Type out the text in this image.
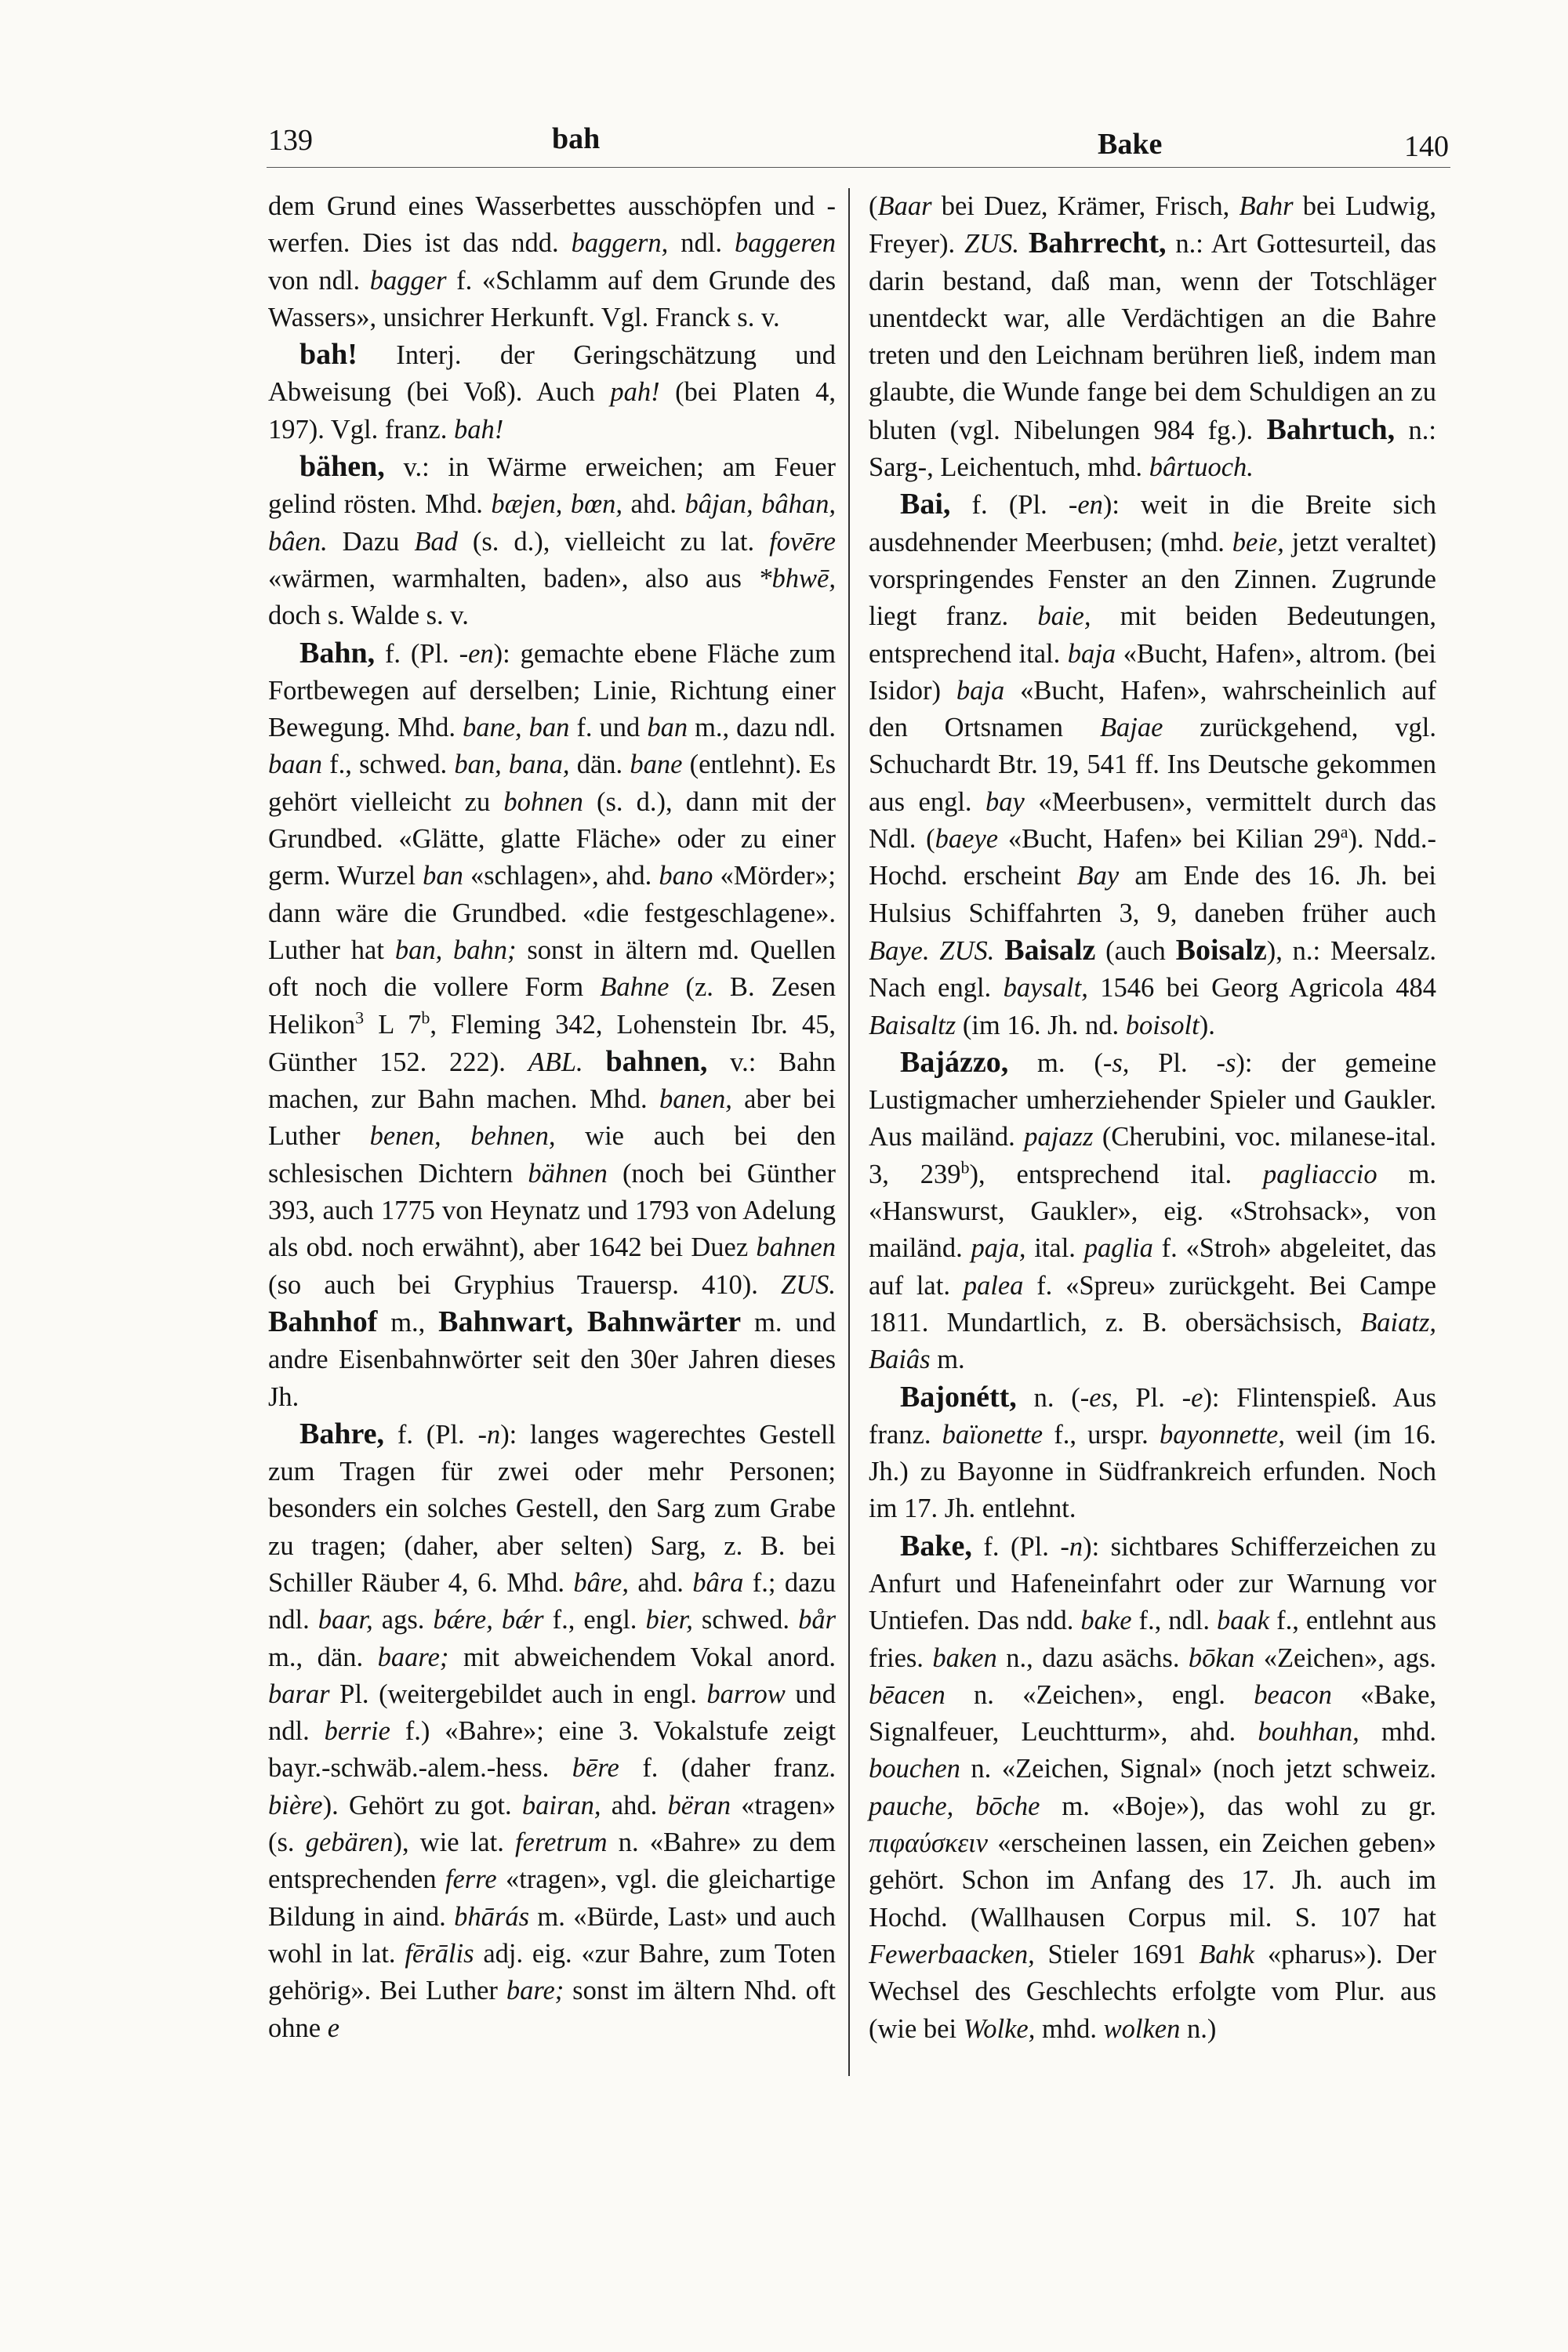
139	bah	Bake	140

dem Grund eines Wasserbettes ausschöpfen und -werfen. Dies ist das ndd. baggern, ndl. baggeren von ndl. bagger f. «Schlamm auf dem Grunde des Wassers», unsichrer Herkunft. Vgl. Franck s. v.

bah! Interj. der Geringschätzung und Abweisung (bei Voß). Auch pah! (bei Platen 4, 197). Vgl. franz. bah!

bähen, v.: in Wärme erweichen; am Feuer gelind rösten. Mhd. bæjen, bœn, ahd. bâjan, bâhan, bâen. Dazu Bad (s. d.), vielleicht zu lat. fovēre «wärmen, warmhalten, baden», also aus *bhwē, doch s. Walde s. v.

Bahn, f. (Pl. -en): gemachte ebene Fläche zum Fortbewegen auf derselben; Linie, Richtung einer Bewegung. Mhd. bane, ban f. und ban m., dazu ndl. baan f., schwed. ban, bana, dän. bane (entlehnt). Es gehört vielleicht zu bohnen (s. d.), dann mit der Grundbed. «Glätte, glatte Fläche» oder zu einer germ. Wurzel ban «schlagen», ahd. bano «Mörder»; dann wäre die Grundbed. «die festgeschlagene». Luther hat ban, bahn; sonst in ältern md. Quellen oft noch die vollere Form Bahne (z. B. Zesen Helikon$^3$ L 7$^b$, Fleming 342, Lohenstein Ibr. 45, Günther 152. 222). ABL. bahnen, v.: Bahn machen, zur Bahn machen. Mhd. banen, aber bei Luther benen, behnen, wie auch bei den schlesischen Dichtern bähnen (noch bei Günther 393, auch 1775 von Heynatz und 1793 von Adelung als obd. noch erwähnt), aber 1642 bei Duez bahnen (so auch bei Gryphius Trauersp. 410). ZUS. Bahnhof m., Bahnwart, Bahnwärter m. und andre Eisenbahnwörter seit den 30er Jahren dieses Jh.

Bahre, f. (Pl. -n): langes wagerechtes Gestell zum Tragen für zwei oder mehr Personen; besonders ein solches Gestell, den Sarg zum Grabe zu tragen; (daher, aber selten) Sarg, z. B. bei Schiller Räuber 4, 6. Mhd. bâre, ahd. bâra f.; dazu ndl. baar, ags. bǽre, bǽr f., engl. bier, schwed. bår m., dän. baare; mit abweichendem Vokal anord. barar Pl. (weitergebildet auch in engl. barrow und ndl. berrie f.) «Bahre»; eine 3. Vokalstufe zeigt bayr.-schwäb.-alem.-hess. bēre f. (daher franz. bière). Gehört zu got. bairan, ahd. bëran «tragen» (s. gebären), wie lat. feretrum n. «Bahre» zu dem entsprechenden ferre «tragen», vgl. die gleichartige Bildung in aind. bhārás m. «Bürde, Last» und auch wohl in lat. fērālis adj. eig. «zur Bahre, zum Toten gehörig». Bei Luther bare; sonst im ältern Nhd. oft ohne e

(Baar bei Duez, Krämer, Frisch, Bahr bei Ludwig, Freyer). ZUS. Bahrrecht, n.: Art Gottesurteil, das darin bestand, daß man, wenn der Totschläger unentdeckt war, alle Verdächtigen an die Bahre treten und den Leichnam berühren ließ, indem man glaubte, die Wunde fange bei dem Schuldigen an zu bluten (vgl. Nibelungen 984 fg.). Bahrtuch, n.: Sarg-, Leichentuch, mhd. bârtuoch.

Bai, f. (Pl. -en): weit in die Breite sich ausdehnender Meerbusen; (mhd. beie, jetzt veraltet) vorspringendes Fenster an den Zinnen. Zugrunde liegt franz. baie, mit beiden Bedeutungen, entsprechend ital. baja «Bucht, Hafen», altrom. (bei Isidor) baja «Bucht, Hafen», wahrscheinlich auf den Ortsnamen Bajae zurückgehend, vgl. Schuchardt Btr. 19, 541 ff. Ins Deutsche gekommen aus engl. bay «Meerbusen», vermittelt durch das Ndl. (baeye «Bucht, Hafen» bei Kilian 29$^a$). Ndd.-Hochd. erscheint Bay am Ende des 16. Jh. bei Hulsius Schiffahrten 3, 9, daneben früher auch Baye. ZUS. Baisalz (auch Boisalz), n.: Meersalz. Nach engl. baysalt, 1546 bei Georg Agricola 484 Baisaltz (im 16. Jh. nd. boisolt).

Bajázzo, m. (-s, Pl. -s): der gemeine Lustigmacher umherziehender Spieler und Gaukler. Aus mailänd. pajazz (Cherubini, voc. milanese-ital. 3, 239$^b$), entsprechend ital. pagliaccio m. «Hanswurst, Gaukler», eig. «Strohsack», von mailänd. paja, ital. paglia f. «Stroh» abgeleitet, das auf lat. palea f. «Spreu» zurückgeht. Bei Campe 1811. Mundartlich, z. B. obersächsisch, Baiatz, Baiâs m.

Bajonétt, n. (-es, Pl. -e): Flintenspieß. Aus franz. baïonette f., urspr. bayonnette, weil (im 16. Jh.) zu Bayonne in Südfrankreich erfunden. Noch im 17. Jh. entlehnt.

Bake, f. (Pl. -n): sichtbares Schifferzeichen zu Anfurt und Hafeneinfahrt oder zur Warnung vor Untiefen. Das ndd. bake f., ndl. baak f., entlehnt aus fries. baken n., dazu asächs. bōkan «Zeichen», ags. bēacen n. «Zeichen», engl. beacon «Bake, Signalfeuer, Leuchtturm», ahd. bouhhan, mhd. bouchen n. «Zeichen, Signal» (noch jetzt schweiz. pauche, bōche m. «Boje»), das wohl zu gr. πιφαύσκειν «erscheinen lassen, ein Zeichen geben» gehört. Schon im Anfang des 17. Jh. auch im Hochd. (Wallhausen Corpus mil. S. 107 hat Fewerbaacken, Stieler 1691 Bahk «pharus»). Der Wechsel des Geschlechts erfolgte vom Plur. aus (wie bei Wolke, mhd. wolken n.)
